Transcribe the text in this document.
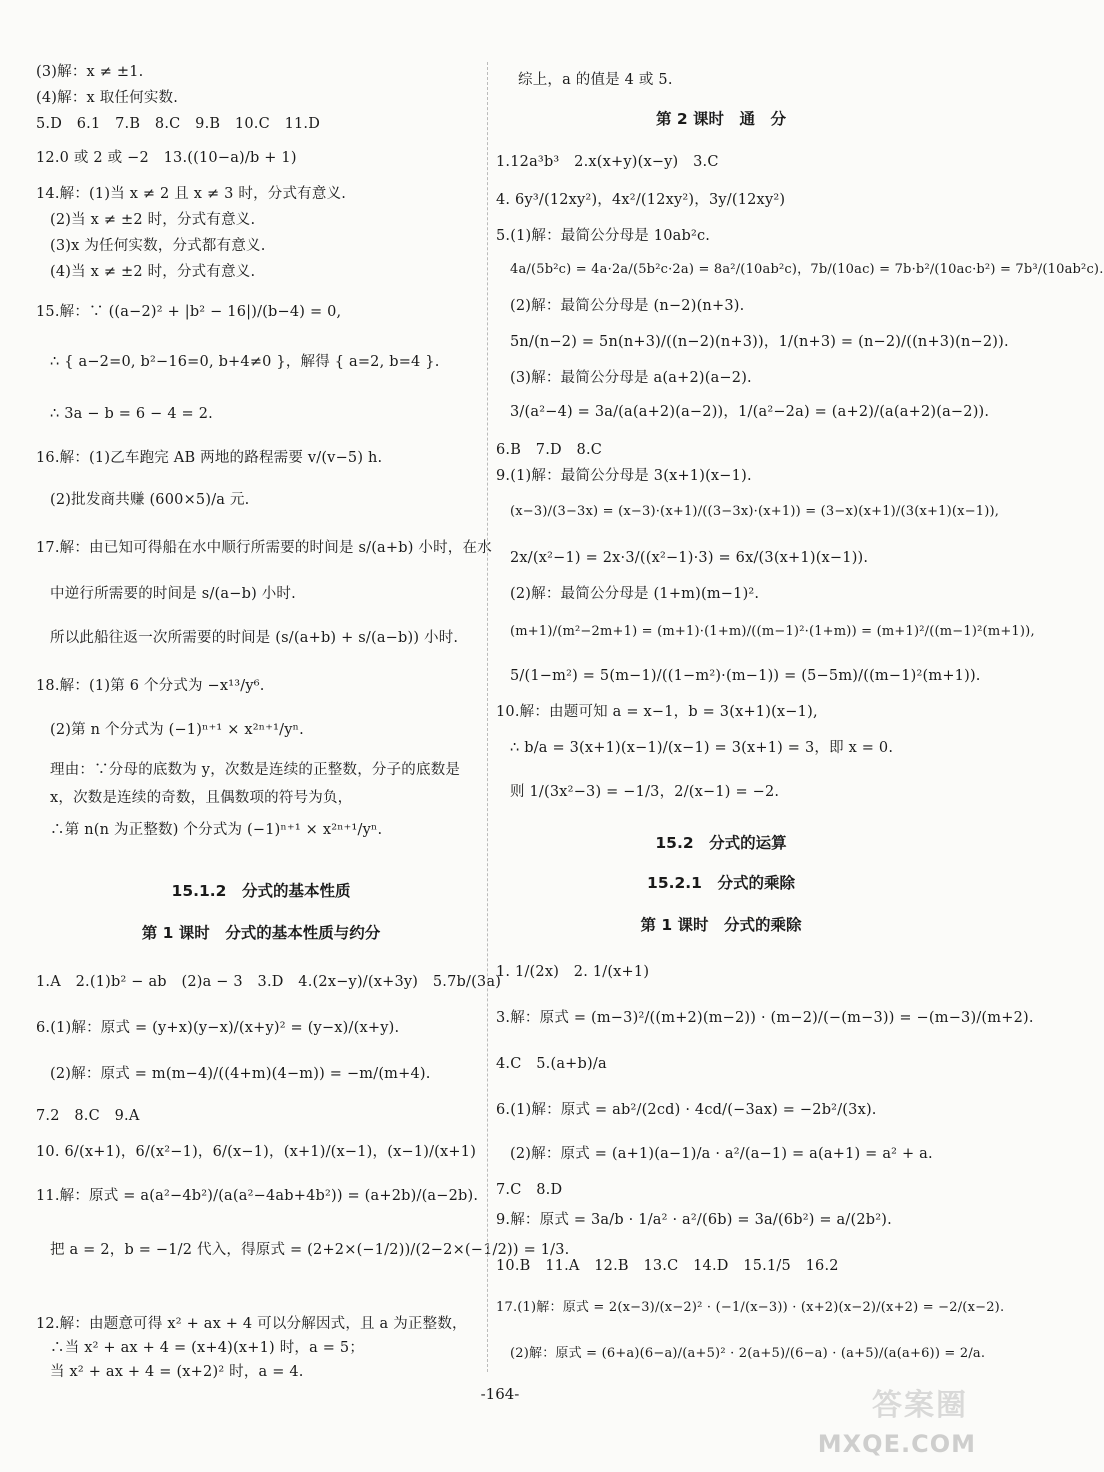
(3)解：x ≠ ±1.
(4)解：x 取任何实数.
5.D　6.1　7.B　8.C　9.B　10.C　11.D
12.0 或 2 或 −2　13.((10−a)/b + 1)
14.解：(1)当 x ≠ 2 且 x ≠ 3 时，分式有意义.
(2)当 x ≠ ±2 时，分式有意义.
(3)x 为任何实数，分式都有意义.
(4)当 x ≠ ±2 时，分式有意义.
15.解：∵ ((a−2)² + |b² − 16|)/(b−4) = 0,
∴ { a−2=0, b²−16=0, b+4≠0 }，解得 { a=2, b=4 }.
∴ 3a − b = 6 − 4 = 2.
16.解：(1)乙车跑完 AB 两地的路程需要 v/(v−5) h.
(2)批发商共赚 (600×5)/a 元.
17.解：由已知可得船在水中顺行所需要的时间是 s/(a+b) 小时，在水
中逆行所需要的时间是 s/(a−b) 小时.
所以此船往返一次所需要的时间是 (s/(a+b) + s/(a−b)) 小时.
18.解：(1)第 6 个分式为 −x¹³/y⁶.
(2)第 n 个分式为 (−1)ⁿ⁺¹ × x²ⁿ⁺¹/yⁿ.
理由：∵分母的底数为 y，次数是连续的正整数，分子的底数是
x，次数是连续的奇数，且偶数项的符号为负，
∴第 n(n 为正整数) 个分式为 (−1)ⁿ⁺¹ × x²ⁿ⁺¹/yⁿ.
15.1.2　分式的基本性质
第 1 课时　分式的基本性质与约分
1.A　2.(1)b² − ab　(2)a − 3　3.D　4.(2x−y)/(x+3y)　5.7b/(3a)
6.(1)解：原式 = (y+x)(y−x)/(x+y)² = (y−x)/(x+y).
(2)解：原式 = m(m−4)/((4+m)(4−m)) = −m/(m+4).
7.2　8.C　9.A
10. 6/(x+1)，6/(x²−1)，6/(x−1)，(x+1)/(x−1)，(x−1)/(x+1)
11.解：原式 = a(a²−4b²)/(a(a²−4ab+4b²)) = (a+2b)/(a−2b).
把 a = 2，b = −1/2 代入，得原式 = (2+2×(−1/2))/(2−2×(−1/2)) = 1/3.
12.解：由题意可得 x² + ax + 4 可以分解因式，且 a 为正整数，
∴当 x² + ax + 4 = (x+4)(x+1) 时，a = 5；
当 x² + ax + 4 = (x+2)² 时，a = 4.
综上，a 的值是 4 或 5.
第 2 课时　通　分
1.12a³b³　2.x(x+y)(x−y)　3.C
4. 6y³/(12xy²)，4x²/(12xy²)，3y/(12xy²)
5.(1)解：最简公分母是 10ab²c.
4a/(5b²c) = 4a·2a/(5b²c·2a) = 8a²/(10ab²c)，7b/(10ac) = 7b·b²/(10ac·b²) = 7b³/(10ab²c).
(2)解：最简公分母是 (n−2)(n+3).
5n/(n−2) = 5n(n+3)/((n−2)(n+3))，1/(n+3) = (n−2)/((n+3)(n−2)).
(3)解：最简公分母是 a(a+2)(a−2).
3/(a²−4) = 3a/(a(a+2)(a−2))，1/(a²−2a) = (a+2)/(a(a+2)(a−2)).
6.B　7.D　8.C
9.(1)解：最简公分母是 3(x+1)(x−1).
(x−3)/(3−3x) = (x−3)·(x+1)/((3−3x)·(x+1)) = (3−x)(x+1)/(3(x+1)(x−1)),
2x/(x²−1) = 2x·3/((x²−1)·3) = 6x/(3(x+1)(x−1)).
(2)解：最简公分母是 (1+m)(m−1)².
(m+1)/(m²−2m+1) = (m+1)·(1+m)/((m−1)²·(1+m)) = (m+1)²/((m−1)²(m+1)),
5/(1−m²) = 5(m−1)/((1−m²)·(m−1)) = (5−5m)/((m−1)²(m+1)).
10.解：由题可知 a = x−1，b = 3(x+1)(x−1),
∴ b/a = 3(x+1)(x−1)/(x−1) = 3(x+1) = 3，即 x = 0.
则 1/(3x²−3) = −1/3，2/(x−1) = −2.
15.2　分式的运算
15.2.1　分式的乘除
第 1 课时　分式的乘除
1. 1/(2x)　2. 1/(x+1)
3.解：原式 = (m−3)²/((m+2)(m−2)) · (m−2)/(−(m−3)) = −(m−3)/(m+2).
4.C　5.(a+b)/a
6.(1)解：原式 = ab²/(2cd) · 4cd/(−3ax) = −2b²/(3x).
(2)解：原式 = (a+1)(a−1)/a · a²/(a−1) = a(a+1) = a² + a.
7.C　8.D
9.解：原式 = 3a/b · 1/a² · a²/(6b) = 3a/(6b²) = a/(2b²).
10.B　11.A　12.B　13.C　14.D　15.1/5　16.2
17.(1)解：原式 = 2(x−3)/(x−2)² · (−1/(x−3)) · (x+2)(x−2)/(x+2) = −2/(x−2).
(2)解：原式 = (6+a)(6−a)/(a+5)² · 2(a+5)/(6−a) · (a+5)/(a(a+6)) = 2/a.
-164-	答案圈
MXQE.COM
